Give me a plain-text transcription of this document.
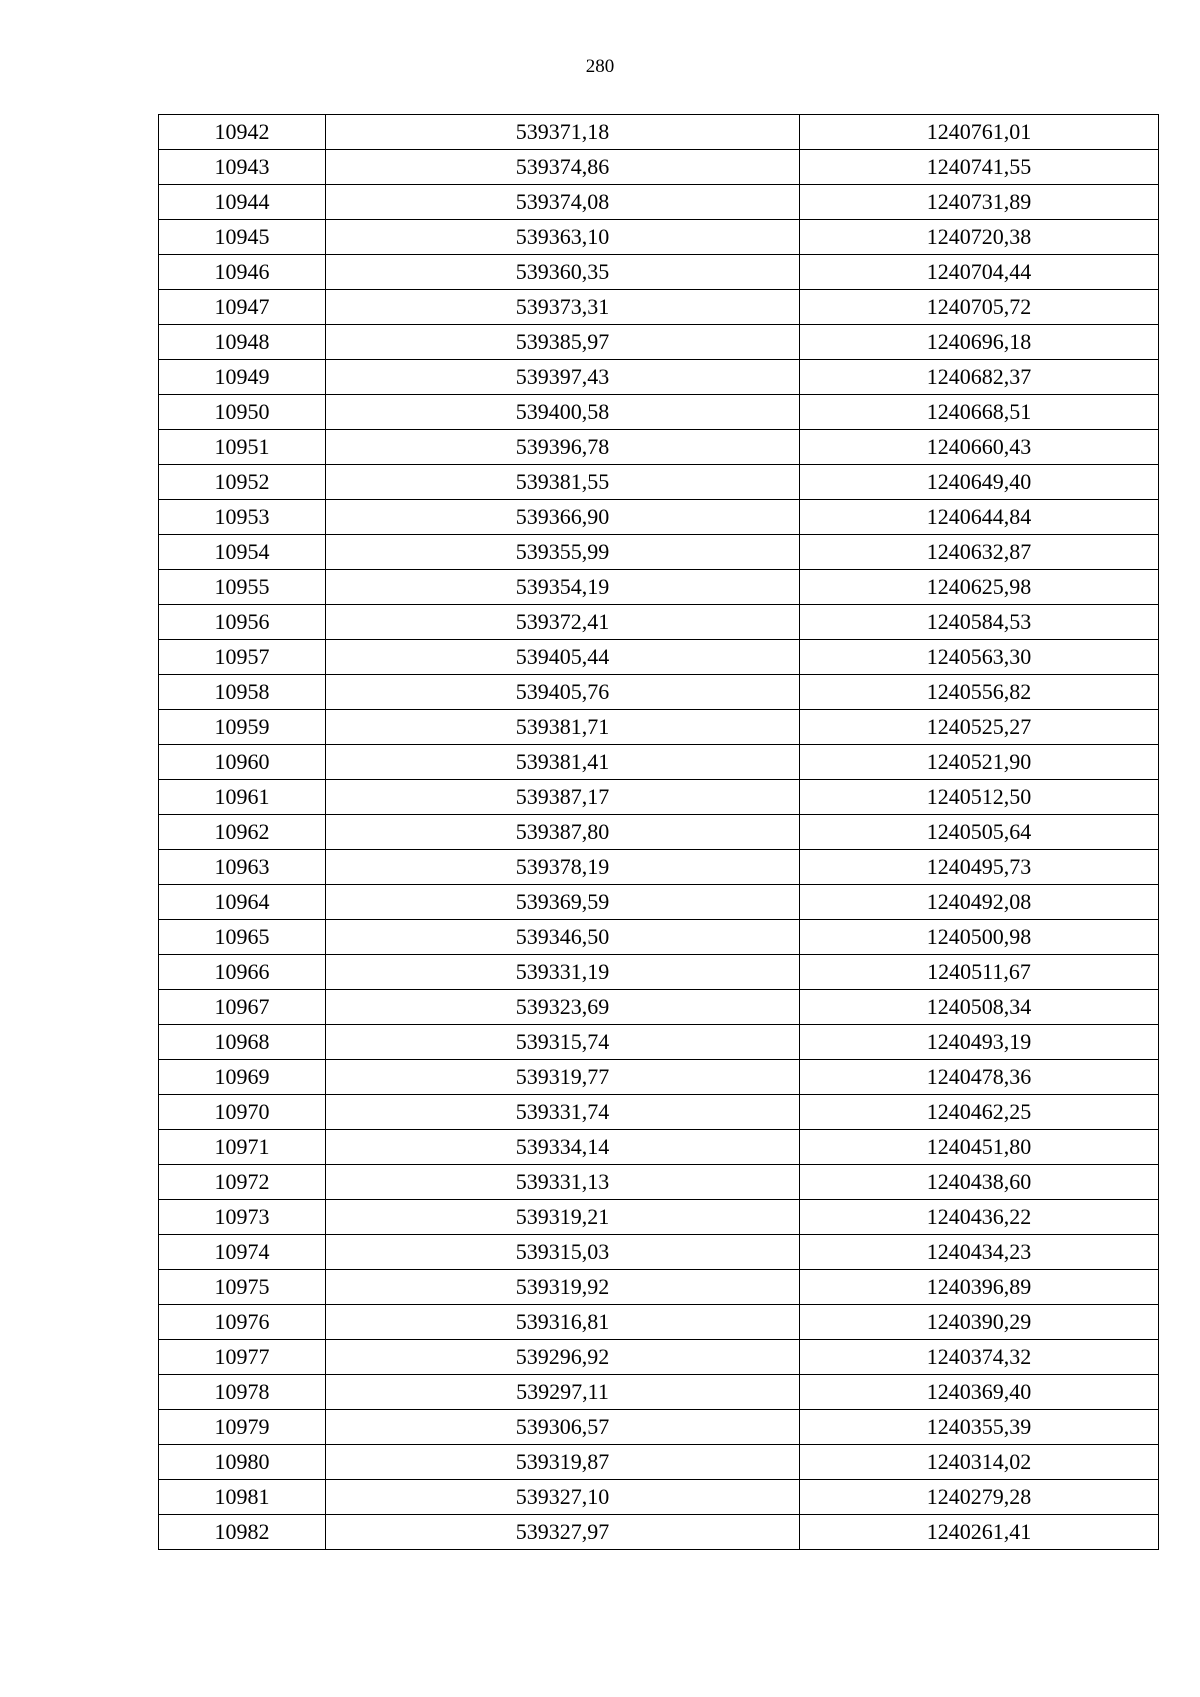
280
10942	539371,18	1240761,01
10943	539374,86	1240741,55
10944	539374,08	1240731,89
10945	539363,10	1240720,38
10946	539360,35	1240704,44
10947	539373,31	1240705,72
10948	539385,97	1240696,18
10949	539397,43	1240682,37
10950	539400,58	1240668,51
10951	539396,78	1240660,43
10952	539381,55	1240649,40
10953	539366,90	1240644,84
10954	539355,99	1240632,87
10955	539354,19	1240625,98
10956	539372,41	1240584,53
10957	539405,44	1240563,30
10958	539405,76	1240556,82
10959	539381,71	1240525,27
10960	539381,41	1240521,90
10961	539387,17	1240512,50
10962	539387,80	1240505,64
10963	539378,19	1240495,73
10964	539369,59	1240492,08
10965	539346,50	1240500,98
10966	539331,19	1240511,67
10967	539323,69	1240508,34
10968	539315,74	1240493,19
10969	539319,77	1240478,36
10970	539331,74	1240462,25
10971	539334,14	1240451,80
10972	539331,13	1240438,60
10973	539319,21	1240436,22
10974	539315,03	1240434,23
10975	539319,92	1240396,89
10976	539316,81	1240390,29
10977	539296,92	1240374,32
10978	539297,11	1240369,40
10979	539306,57	1240355,39
10980	539319,87	1240314,02
10981	539327,10	1240279,28
10982	539327,97	1240261,41
